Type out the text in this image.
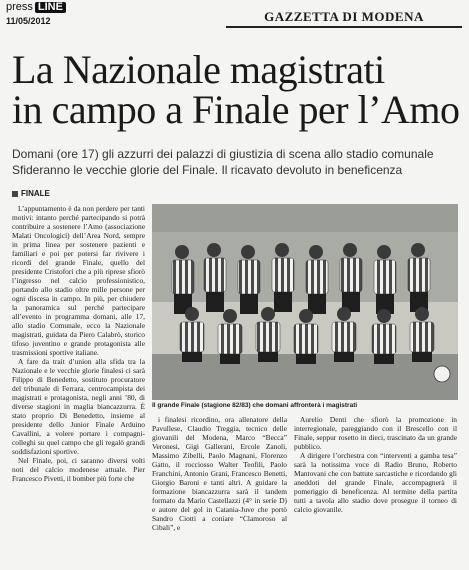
press LINE
11/05/2012	GAZZETTA DI MODENA
La Nazionale magistrati
in campo a Finale per l’Amo
Domani (ore 17) gli azzurri dei palazzi di giustizia di scena allo stadio comunale
Sfideranno le vecchie glorie del Finale. Il ricavato devoluto in beneficenza
FINALE

L’appuntamento è da non perdere per tanti motivi: intanto perché partecipando si potrà contribuire a sostenere l’Amo (associazione Malati Oncologici) dell’Area Nord, sempre in prima linea per sostenere pazienti e familiari e poi per potersi far rivivere i ricordi del grande Finale, quello del presidente Cristofori che a più riprese sfiorò l’ingresso nel calcio professionistico, portando allo stadio oltre mille persone per ogni discesa in campo. In più, per chiudere la panoramica sul perché partecipare all’evento in programma domani, alle 17, allo stadio Comunale, ecco la Nazionale magistrati, guidata da Piero Calabrò, storico tifoso juventino e grande protagonista alle trasmissioni sportive italiane.

A fare da trait d’union alla sfida tra la Nazionale e le vecchie glorie finalesi ci sarà Filippo di Benedetto, sostituto procuratore del tribunale di Ferrara, centrocampista dei magistrati e protagonista, negli anni ’80, di diverse stagioni in maglia biancazzurra. È stato proprio Di Benedetto, insieme al presidente dello Junior Finale Arduino Cavallini, a volere portare i compagni-colleghi su quel campo che gli regalò grandi soddisfazioni sportive.

Nel Finale, poi, ci saranno diversi volti noti del calcio modenese attuale. Pier Francesco Pivetti, il bomber più forte che

Il grande Finale (stagione 82/83) che domani affronterà i magistrati

i finalesi ricordino, ora allenatore della Pavullese, Claudio Treggia, tecnico delle giovanili del Modena, Marco “Becca” Veronesi, Gigi Gallerani, Ercole Zanoli, Massimo Zibelli, Paolo Magnani, Florenzo Gatto, il rocciosso Walter Teofili, Paolo Franchini, Antonio Grani, Francesco Benetti, Giorgio Baroni e tanti altri. A guidare la formazione biancazzurra sarà il tandem formato da Mario Castellazzi (4° in serie D) e autore del gol in Catania-Juve che portò Sandro Ciotti a coniare “Clamoroso al Cibali”, e

Aurelio Denti che sfiorò la promozione in interregionale, pareggiando con il Brescello con il Finale, seppur rosetto in dieci, trascinato da un grande pubblico.

A dirigere l’orchestra con “interventi a gamba tesa” sarà la notissima voce di Radio Bruno, Roberto Mantovani che con battute sarcastiche e ricordando gli aneddoti del grande Finale, accompagnerà il pomeriggio di beneficenza. Al termine della partita tutti a tavola allo stadio dove prosegue il torneo di calcio giovanile.
